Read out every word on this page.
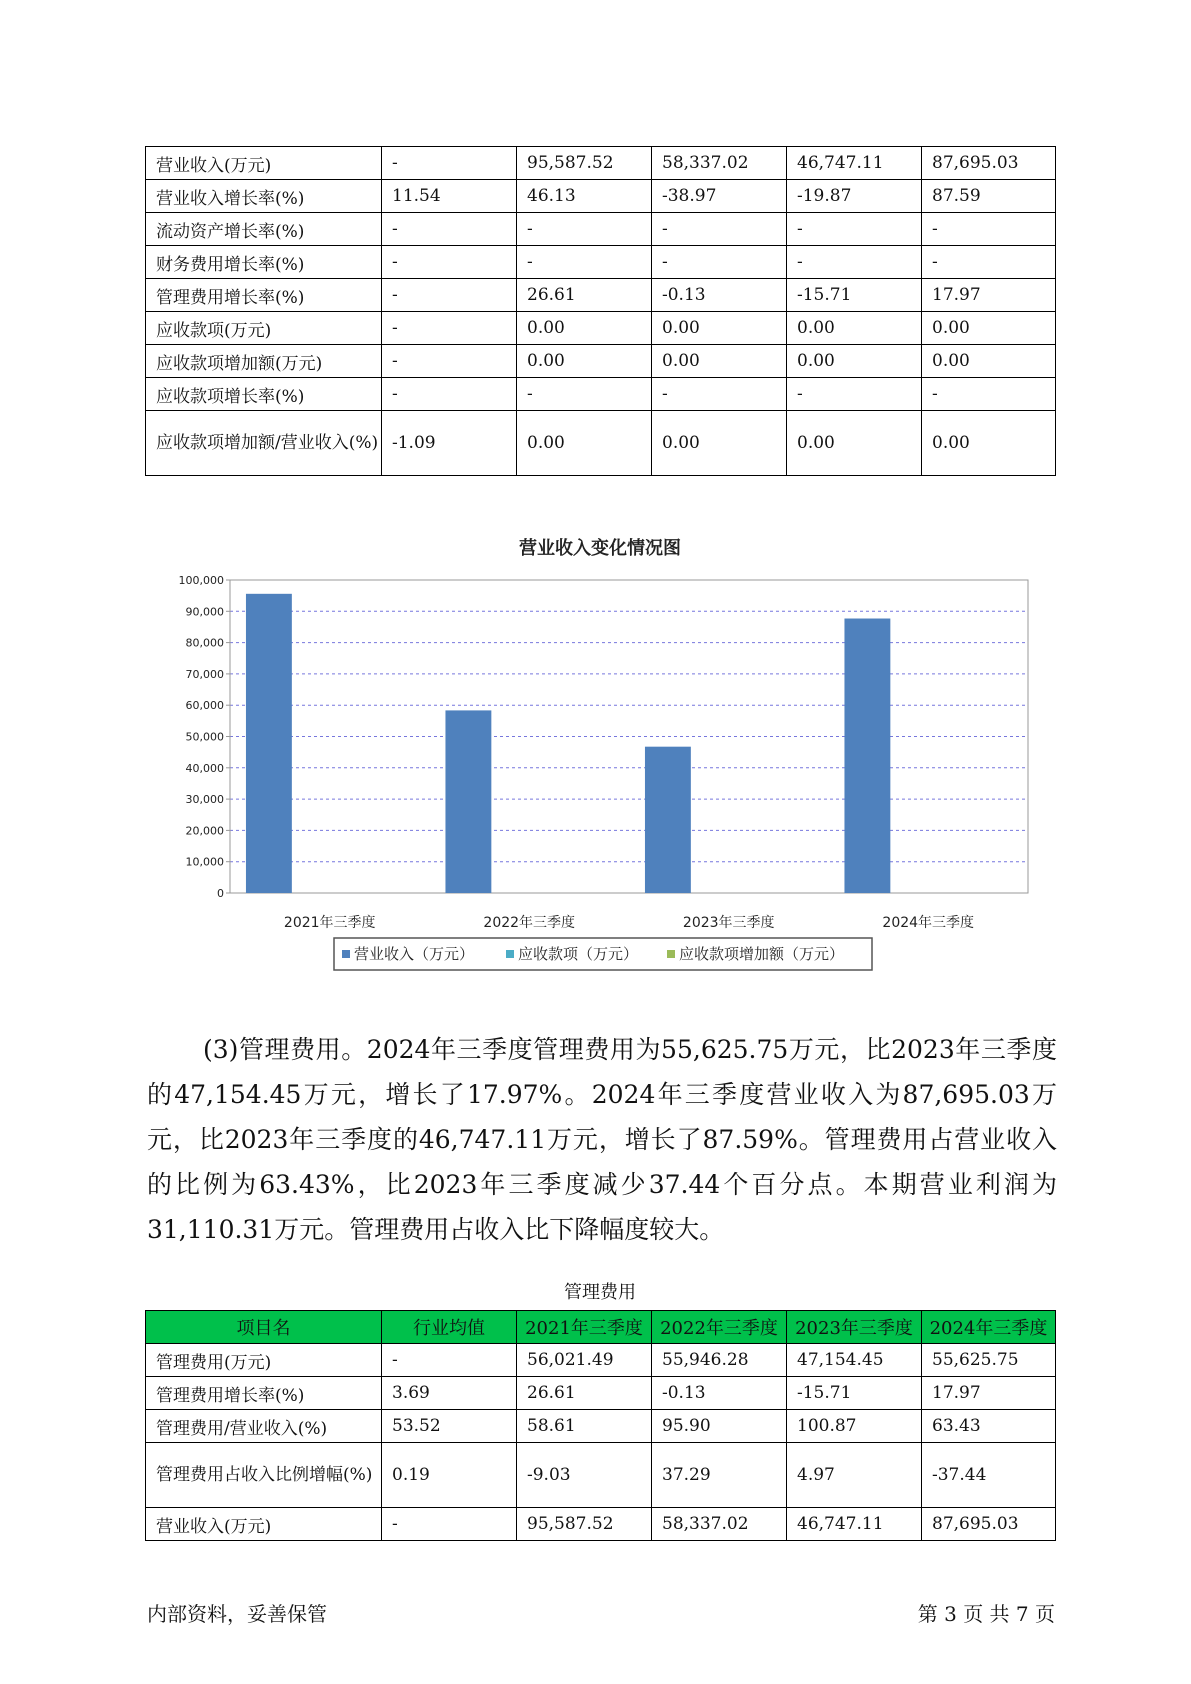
营业收入(万元)	-	95,587.52	58,337.02	46,747.11	87,695.03
营业收入增长率(%)	11.54	46.13	-38.97	-19.87	87.59
流动资产增长率(%)	-	-	-	-	-
财务费用增长率(%)	-	-	-	-	-
管理费用增长率(%)	-	26.61	-0.13	-15.71	17.97
应收款项(万元)	-	0.00	0.00	0.00	0.00
应收款项增加额(万元)	-	0.00	0.00	0.00	0.00
应收款项增长率(%)	-	-	-	-	-
应收款项增加额/营业收入(%)	-1.09	0.00	0.00	0.00	0.00
营业收入变化情况图
0
10,000
20,000
30,000
40,000
50,000
60,000
70,000
80,000
90,000
100,000
2021年三季度	2022年三季度	2023年三季度	2024年三季度
营业收入（万元）	应收款项（万元）	应收款项增加额（万元）

(3)管理费用。2024年三季度管理费用为55,625.75万元，比2023年三季度的47,154.45万元，增长了17.97%。2024年三季度营业收入为87,695.03万元，比2023年三季度的46,747.11万元，增长了87.59%。管理费用占营业收入的比例为63.43%，比2023年三季度减少37.44个百分点。本期营业利润为31,110.31万元。管理费用占收入比下降幅度较大。

管理费用
项目名	行业均值	2021年三季度	2022年三季度	2023年三季度	2024年三季度
管理费用(万元)	-	56,021.49	55,946.28	47,154.45	55,625.75
管理费用增长率(%)	3.69	26.61	-0.13	-15.71	17.97
管理费用/营业收入(%)	53.52	58.61	95.90	100.87	63.43
管理费用占收入比例增幅(%)	0.19	-9.03	37.29	4.97	-37.44
营业收入(万元)	-	95,587.52	58,337.02	46,747.11	87,695.03
内部资料，妥善保管	第 3 页 共 7 页
